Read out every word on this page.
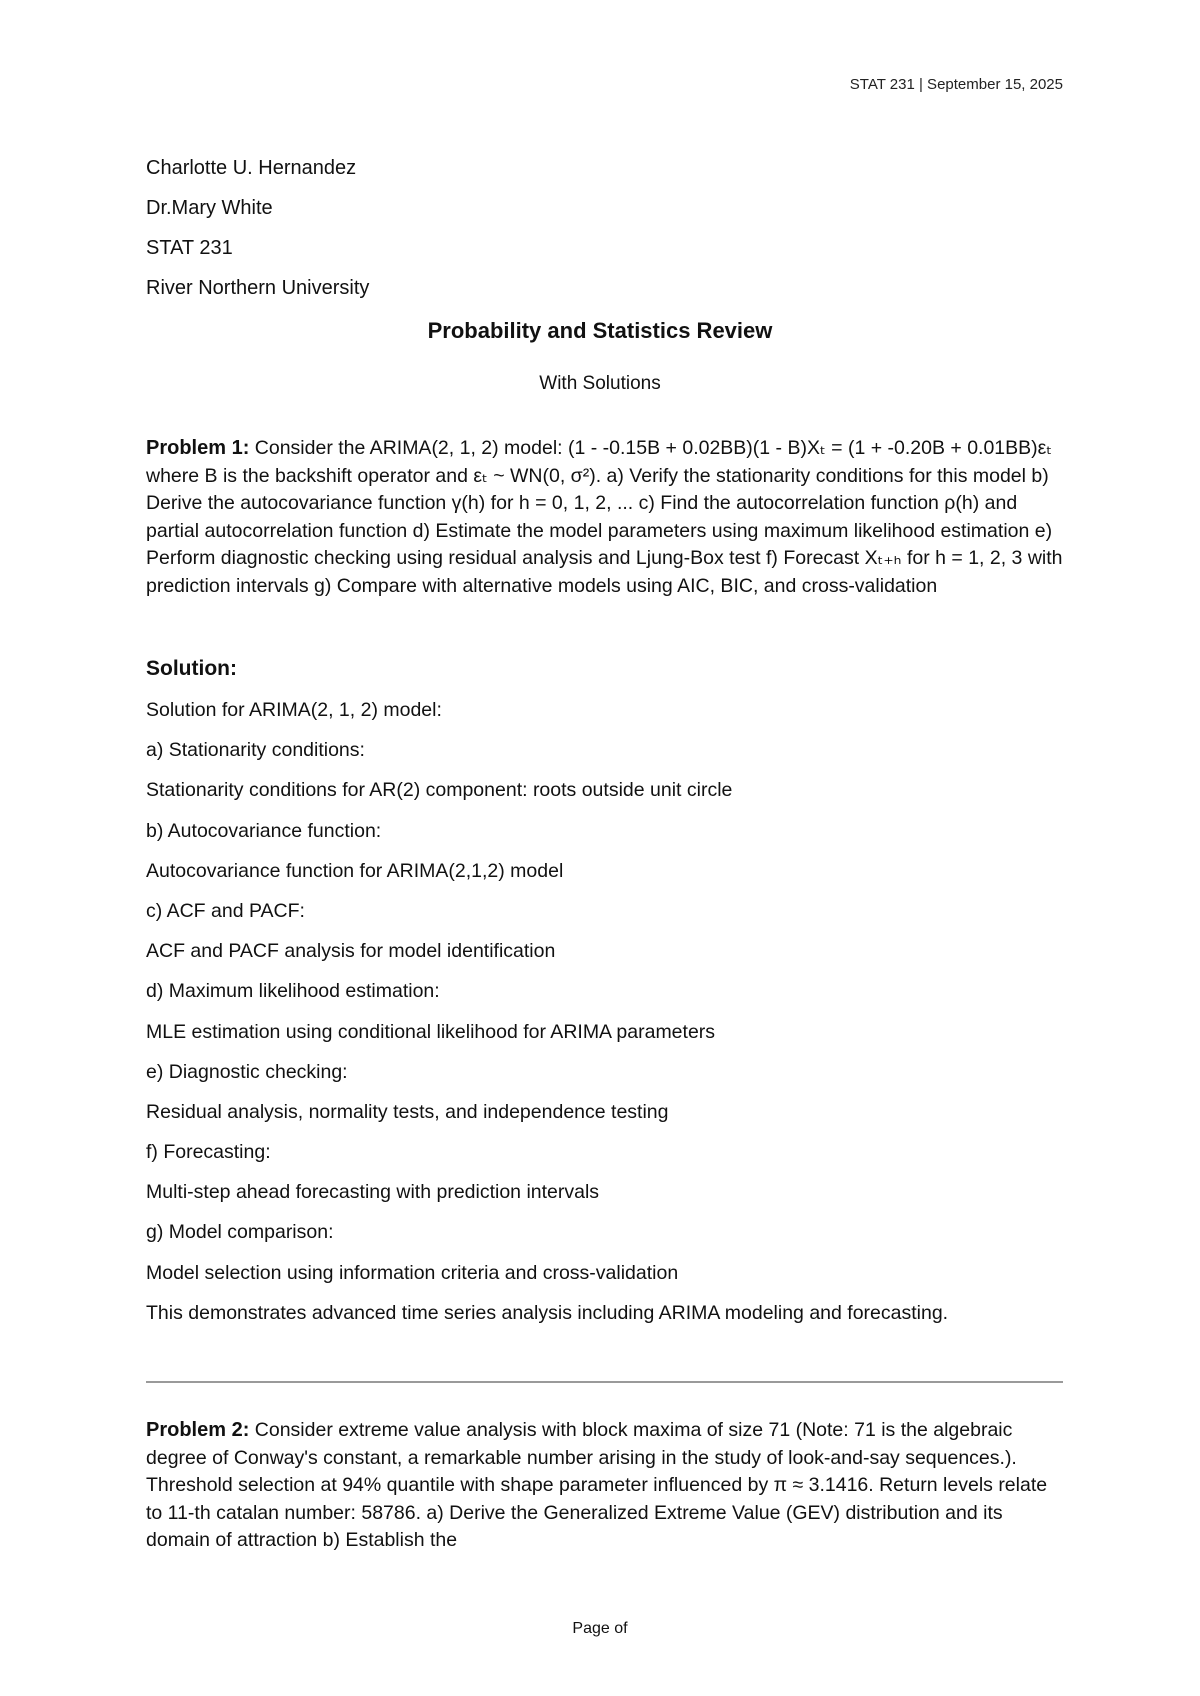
STAT 231 | September 15, 2025
Charlotte U. Hernandez
Dr.Mary White
STAT 231
River Northern University
Probability and Statistics Review
With Solutions

Problem 1: Consider the ARIMA(2, 1, 2) model: (1 - -0.15B + 0.02BB)(1 - B)Xₜ = (1 + -0.20B + 0.01BB)εₜ where B is the backshift operator and εₜ ~ WN(0, σ²). a) Verify the stationarity conditions for this model b) Derive the autocovariance function γ(h) for h = 0, 1, 2, ... c) Find the autocorrelation function ρ(h) and partial autocorrelation function d) Estimate the model parameters using maximum likelihood estimation e) Perform diagnostic checking using residual analysis and Ljung-Box test f) Forecast Xₜ₊ₕ for h = 1, 2, 3 with prediction intervals g) Compare with alternative models using AIC, BIC, and cross-validation

Solution:
Solution for ARIMA(2, 1, 2) model:
a) Stationarity conditions:
Stationarity conditions for AR(2) component: roots outside unit circle
b) Autocovariance function:
Autocovariance function for ARIMA(2,1,2) model
c) ACF and PACF:
ACF and PACF analysis for model identification
d) Maximum likelihood estimation:
MLE estimation using conditional likelihood for ARIMA parameters
e) Diagnostic checking:
Residual analysis, normality tests, and independence testing
f) Forecasting:
Multi-step ahead forecasting with prediction intervals
g) Model comparison:
Model selection using information criteria and cross-validation
This demonstrates advanced time series analysis including ARIMA modeling and forecasting.

Problem 2: Consider extreme value analysis with block maxima of size 71 (Note: 71 is the algebraic degree of Conway's constant, a remarkable number arising in the study of look-and-say sequences.). Threshold selection at 94% quantile with shape parameter influenced by π ≈ 3.1416. Return levels relate to 11-th catalan number: 58786. a) Derive the Generalized Extreme Value (GEV) distribution and its domain of attraction b) Establish the

Page of
